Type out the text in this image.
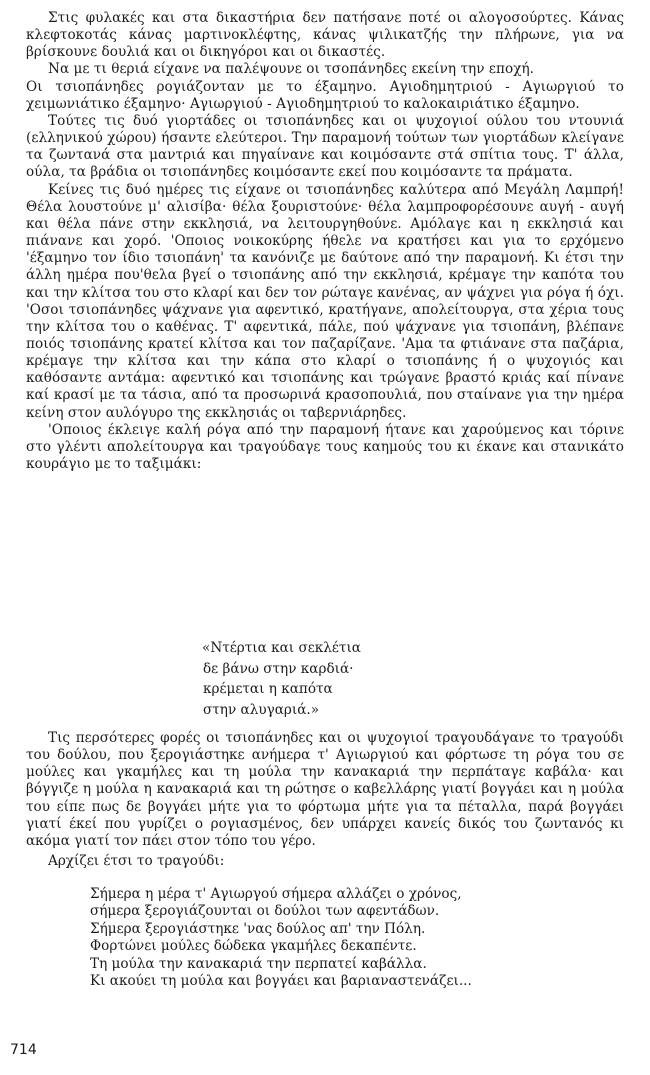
Στις φυλακές και στα δικαστήρια δεν πατήσανε ποτέ οι αλογοσούρτες. Κάνας κλεφτοκοτάς κάνας μαρτινοκλέφτης, κάνας ψιλικατζής την πλήρωνε, για να βρίσκουνε δουλιά και οι δικηγόροι και οι δικαστές.

Να με τι θεριά είχανε να παλέψουνε οι τσοπάνηδες εκείνη την εποχή.

Οι τσιοπάνηδες ρογιάζονταν με το έξαμηνο. Αγιοδημητριού - Αγιωργιού το χειμωνιάτικο έξαμηνο· Αγιωργιού - Αγιοδημητριού το καλοκαιριάτικο έξαμηνο.

Τούτες τις δυό γιορτάδες οι τσιοπάνηδες και οι ψυχογιοί ούλου του ντουνιά (ελληνικού χώρου) ήσαντε ελεύτεροι. Την παραμονή τούτων των γιορτάδων κλείγανε τα ζωντανά στα μαντριά και πηγαίνανε και κοιμόσαντε στά σπίτια τους. Τ' άλλα, ούλα, τα βράδια οι τσιοπάνηδες κοιμόσαντε εκεί που κοιμόσαντε τα πράματα.

Κείνες τις δυό ημέρες τις είχανε οι τσιοπάνηδες καλύτερα από Μεγάλη Λαμπρή! Θέλα λουστούνε μ' αλισίβα· θέλα ξουριστούνε· θέλα λαμπροφορέσουνε αυγή - αυγή και θέλα πάνε στην εκκλησιά, να λειτουργηθούνε. Αμόλαγε και η εκκλησιά και πιάνανε και χορό. 'Οποιος νοικοκύρης ήθελε να κρατήσει και για το ερχόμενο 'έξαμηνο τον ίδιο τσιοπάνη' τα κανόνιζε με δαύτονε από την παραμονή. Κι έτσι την άλλη ημέρα που'θελα βγεί ο τσιοπάνης από την εκκλησιά, κρέμαγε την καπότα του και την κλίτσα του στο κλαρί και δεν τον ρώταγε κανένας, αν ψάχνει για ρόγα ή όχι. 'Οσοι τσιοπάνηδες ψάχνανε για αφεντικό, κρατήγανε, απολείτουργα, στα χέρια τους την κλίτσα του ο καθένας. Τ' αφεντικά, πάλε, πού ψάχνανε για τσιοπάνη, βλέπανε ποιός τσιοπάνης κρατεί κλίτσα και τον παζαρίζανε. 'Αμα τα φτιάνανε στα παζάρια, κρέμαγε την κλίτσα και την κάπα στο κλαρί ο τσιοπάνης ή ο ψυχογιός και καθόσαντε αντάμα: αφεντικό και τσιοπάνης και τρώγανε βραστό κριάς καί πίνανε καί κρασί με τα τάσια, από τα προσωρινά κρασοπουλιά, που σταίνανε για την ημέρα κείνη στον αυλόγυρο της εκκλησιάς οι ταβερνιάρηδες.

'Οποιος έκλειγε καλή ρόγα από την παραμονή ήτανε και χαρούμενος και τόρινε στο γλέντι απολείτουργα και τραγούδαγε τους καημούς του κι έκανε και στανικάτο κουράγιο με το ταξιμάκι:

«Ντέρτια και σεκλέτια
δε βάνω στην καρδιά·
κρέμεται η καπότα
στην αλυγαριά.»

Τις περσότερες φορές οι τσιοπάνηδες και οι ψυχογιοί τραγουδάγανε το τραγούδι του δούλου, που ξερογιάστηκε ανήμερα τ' Αγιωργιού και φόρτωσε τη ρόγα του σε μούλες και γκαμήλες και τη μούλα την κανακαριά την περπάταγε καβάλα· και βόγγιζε η μούλα η κανακαριά και τη ρώτησε ο καβελλάρης γιατί βογγάει και η μούλα του είπε πως δε βογγάει μήτε για το φόρτωμα μήτε για τα πέταλλα, παρά βογγάει γιατί έκεί που γυρίζει ο ρογιασμένος, δεν υπάρχει κανείς δικός του ζωντανός κι ακόμα γιατί τον πάει στον τόπο του γέρο.

Αρχίζει έτσι το τραγούδι:

Σήμερα η μέρα τ' Αγιωργού σήμερα αλλάζει ο χρόνος,
σήμερα ξερογιάζουνται οι δούλοι των αφεντάδων.
Σήμερα ξερογιάστηκε 'νας δούλος απ' την Πόλη.
Φορτώνει μούλες δώδεκα γκαμήλες δεκαπέντε.
Τη μούλα την κανακαριά την περπατεί καβάλλα.
Κι ακούει τη μούλα και βογγάει και βαριαναστενάζει...
714
